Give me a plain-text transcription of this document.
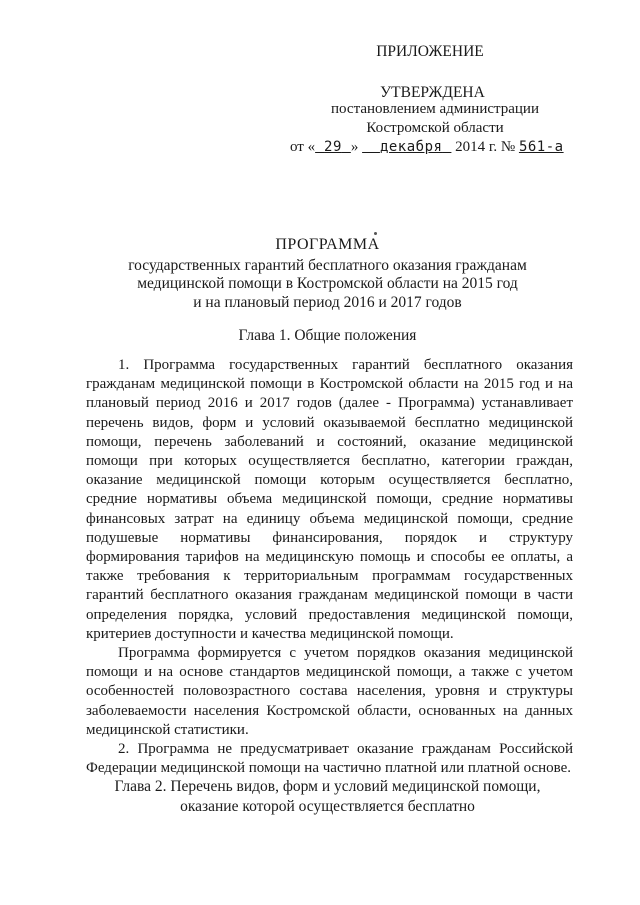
ПРИЛОЖЕНИЕ
УТВЕРЖДЕНА
постановлением администрации
Костромской области
от « 29 » декабря 2014 г. № 561-а
ПРОГРАММА
государственных гарантий бесплатного оказания гражданам
медицинской помощи в Костромской области на 2015 год
и на плановый период 2016 и 2017 годов
Глава 1. Общие положения

1. Программа государственных гарантий бесплатного оказания гражданам медицинской помощи в Костромской области на 2015 год и на плановый период 2016 и 2017 годов (далее - Программа) устанавливает перечень видов, форм и условий оказываемой бесплатно медицинской помощи, перечень заболеваний и состояний, оказание медицинской помощи при которых осуществляется бесплатно, категории граждан, оказание медицинской помощи которым осуществляется бесплатно, средние нормативы объема медицинской помощи, средние нормативы финансовых затрат на единицу объема медицинской помощи, средние подушевые нормативы финансирования, порядок и структуру формирования тарифов на медицинскую помощь и способы ее оплаты, а также требования к территориальным программам государственных гарантий бесплатного оказания гражданам медицинской помощи в части определения порядка, условий предоставления медицинской помощи, критериев доступности и качества медицинской помощи.

Программа формируется с учетом порядков оказания медицинской помощи и на основе стандартов медицинской помощи, а также с учетом особенностей половозрастного состава населения, уровня и структуры заболеваемости населения Костромской области, основанных на данных медицинской статистики.

2. Программа не предусматривает оказание гражданам Российской Федерации медицинской помощи на частично платной или платной основе.

Глава 2. Перечень видов, форм и условий медицинской помощи,
оказание которой осуществляется бесплатно
